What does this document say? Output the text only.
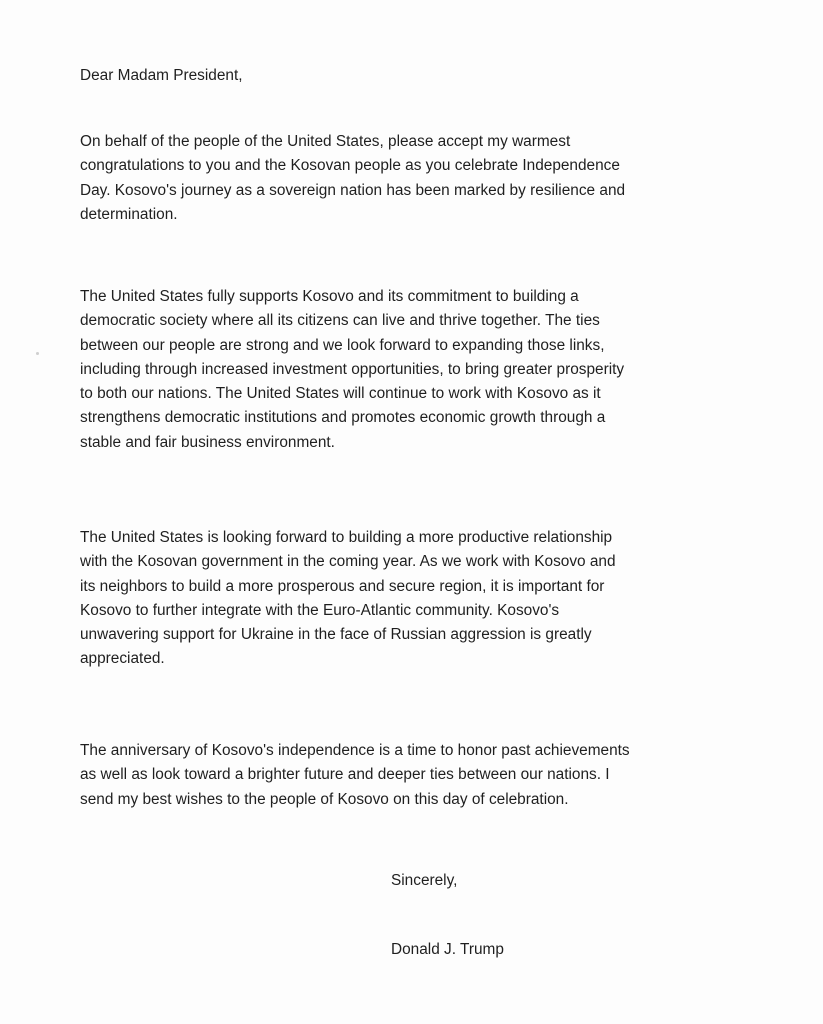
Dear Madam President,

On behalf of the people of the United States, please accept my warmest
congratulations to you and the Kosovan people as you celebrate Independence
Day. Kosovo's journey as a sovereign nation has been marked by resilience and
determination.
The United States fully supports Kosovo and its commitment to building a
democratic society where all its citizens can live and thrive together. The ties
between our people are strong and we look forward to expanding those links,
including through increased investment opportunities, to bring greater prosperity
to both our nations. The United States will continue to work with Kosovo as it
strengthens democratic institutions and promotes economic growth through a
stable and fair business environment.
The United States is looking forward to building a more productive relationship
with the Kosovan government in the coming year. As we work with Kosovo and
its neighbors to build a more prosperous and secure region, it is important for
Kosovo to further integrate with the Euro-Atlantic community. Kosovo's
unwavering support for Ukraine in the face of Russian aggression is greatly
appreciated.
The anniversary of Kosovo's independence is a time to honor past achievements
as well as look toward a brighter future and deeper ties between our nations. I
send my best wishes to the people of Kosovo on this day of celebration.

Sincerely,

Donald J. Trump
